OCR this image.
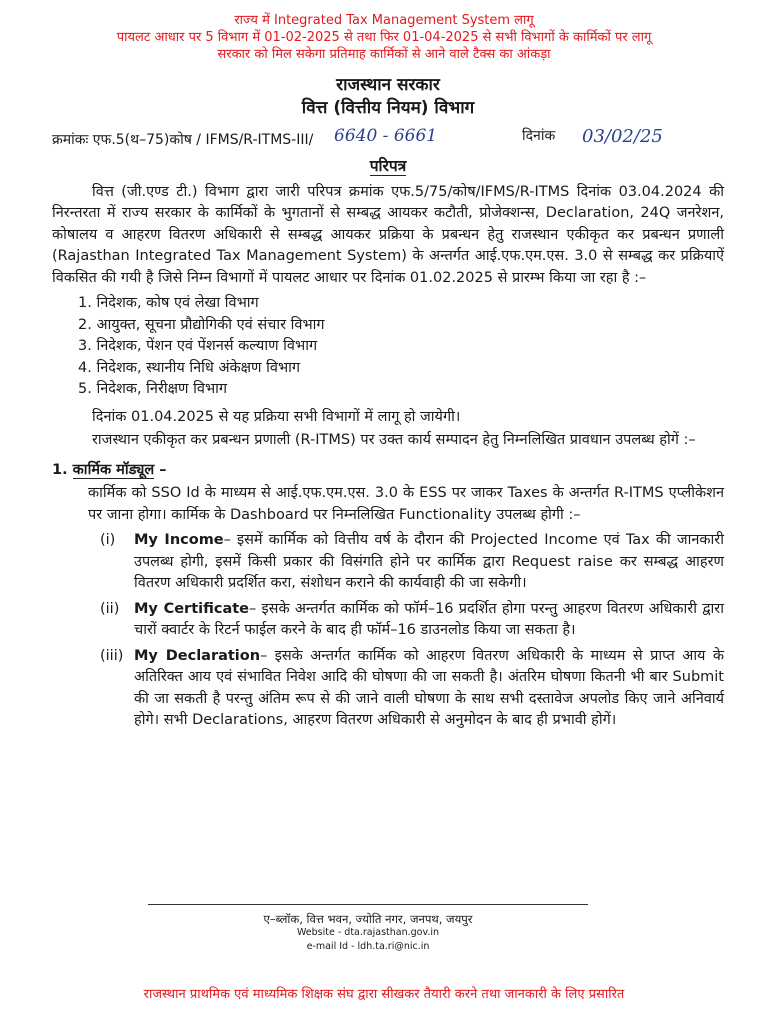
राज्य में Integrated Tax Management System लागू
पायलट आधार पर 5 विभाग में 01-02-2025 से तथा फिर 01-04-2025 से सभी विभागों के कार्मिकों पर लागू
सरकार को मिल सकेगा प्रतिमाह कार्मिकों से आने वाले टैक्स का आंकड़ा
राजस्थान सरकार
वित्त (वित्तीय नियम) विभाग
क्रमांकः एफ.5(थ–75)कोष / IFMS/R-ITMS-III/ 6640 - 6661	दिनांक 03/02/25
परिपत्र

वित्त (जी.एण्ड टी.) विभाग द्वारा जारी परिपत्र क्रमांक एफ.5/75/कोष/IFMS/R-ITMS दिनांक 03.04.2024 की निरन्तरता में राज्य सरकार के कार्मिकों के भुगतानों से सम्बद्ध आयकर कटौती, प्रोजेक्शन्स, Declaration, 24Q जनरेशन, कोषालय व आहरण वितरण अधिकारी से सम्बद्ध आयकर प्रक्रिया के प्रबन्धन हेतु राजस्थान एकीकृत कर प्रबन्धन प्रणाली (Rajasthan Integrated Tax Management System) के अन्तर्गत आई.एफ.एम.एस. 3.0 से सम्बद्ध कर प्रक्रियाऐं विकसित की गयी है जिसे निम्न विभागों में पायलट आधार पर दिनांक 01.02.2025 से प्रारम्भ किया जा रहा है :–

1. निदेशक, कोष एवं लेखा विभाग
2. आयुक्त, सूचना प्रौद्योगिकी एवं संचार विभाग
3. निदेशक, पेंशन एवं पेंशनर्स कल्याण विभाग
4. निदेशक, स्थानीय निधि अंकेक्षण विभाग
5. निदेशक, निरीक्षण विभाग

दिनांक 01.04.2025 से यह प्रक्रिया सभी विभागों में लागू हो जायेगी।

राजस्थान एकीकृत कर प्रबन्धन प्रणाली (R-ITMS) पर उक्त कार्य सम्पादन हेतु निम्नलिखित प्रावधान उपलब्ध होगें :–

1. कार्मिक मॉड्यूल –
कार्मिक को SSO Id के माध्यम से आई.एफ.एम.एस. 3.0 के ESS पर जाकर Taxes के अन्तर्गत R-ITMS एप्लीकेशन पर जाना होगा। कार्मिक के Dashboard पर निम्नलिखित Functionality उपलब्ध होगी :–
(i)	My Income– इसमें कार्मिक को वित्तीय वर्ष के दौरान की Projected Income एवं Tax की जानकारी उपलब्ध होगी, इसमें किसी प्रकार की विसंगति होने पर कार्मिक द्वारा Request raise कर सम्बद्ध आहरण वितरण अधिकारी प्रदर्शित करा, संशोधन कराने की कार्यवाही की जा सकेगी।
(ii)	My Certificate– इसके अन्तर्गत कार्मिक को फॉर्म–16 प्रदर्शित होगा परन्तु आहरण वितरण अधिकारी द्वारा चारों क्वार्टर के रिटर्न फाईल करने के बाद ही फॉर्म–16 डाउनलोड किया जा सकता है।
(iii) My Declaration– इसके अन्तर्गत कार्मिक को आहरण वितरण अधिकारी के माध्यम से प्राप्त आय के अतिरिक्त आय एवं संभावित निवेश आदि की घोषणा की जा सकती है। अंतरिम घोषणा कितनी भी बार Submit की जा सकती है परन्तु अंतिम रूप से की जाने वाली घोषणा के साथ सभी दस्तावेज अपलोड किए जाने अनिवार्य होगे। सभी Declarations, आहरण वितरण अधिकारी से अनुमोदन के बाद ही प्रभावी होगें।
ए–ब्लॉक, वित्त भवन, ज्योति नगर, जनपथ, जयपुर
Website - dta.rajasthan.gov.in
e-mail Id - ldh.ta.ri@nic.in
राजस्थान प्राथमिक एवं माध्यमिक शिक्षक संघ द्वारा सीखकर तैयारी करने तथा जानकारी के लिए प्रसारित
